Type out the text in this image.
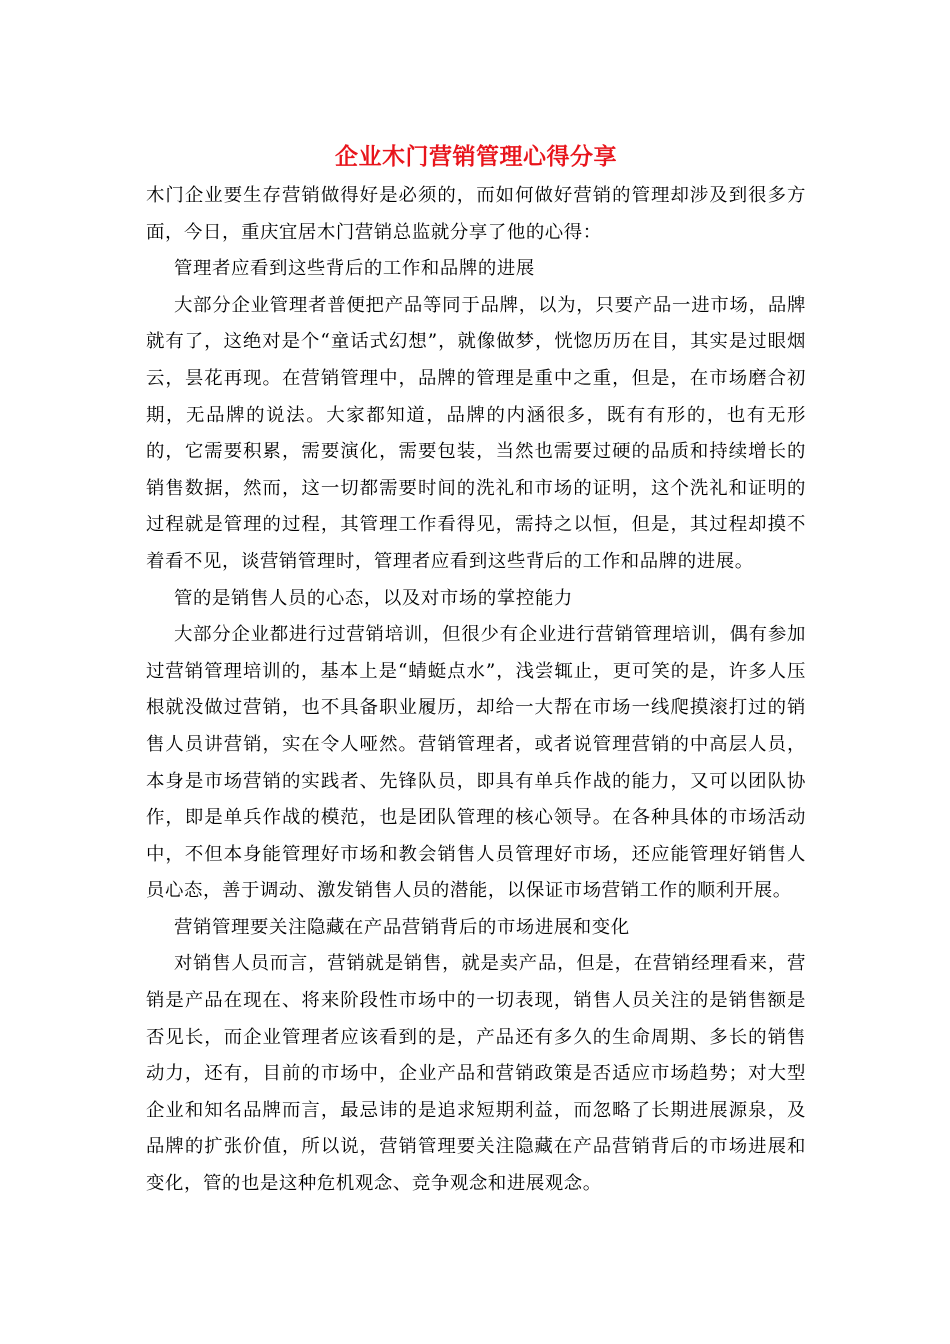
企业木门营销管理心得分享

木门企业要生存营销做得好是必须的，而如何做好营销的管理却涉及到很多方面，今日，重庆宜居木门营销总监就分享了他的心得：

管理者应看到这些背后的工作和品牌的进展

大部分企业管理者普便把产品等同于品牌，以为，只要产品一进市场，品牌就有了，这绝对是个“童话式幻想”，就像做梦，恍惚历历在目，其实是过眼烟云，昙花再现。在营销管理中，品牌的管理是重中之重，但是，在市场磨合初期，无品牌的说法。大家都知道，品牌的内涵很多，既有有形的，也有无形的，它需要积累，需要演化，需要包装，当然也需要过硬的品质和持续增长的销售数据，然而，这一切都需要时间的洗礼和市场的证明，这个洗礼和证明的过程就是管理的过程，其管理工作看得见，需持之以恒，但是，其过程却摸不着看不见，谈营销管理时，管理者应看到这些背后的工作和品牌的进展。

管的是销售人员的心态，以及对市场的掌控能力

大部分企业都进行过营销培训，但很少有企业进行营销管理培训，偶有参加过营销管理培训的，基本上是“蜻蜓点水”，浅尝辄止，更可笑的是，许多人压根就没做过营销，也不具备职业履历，却给一大帮在市场一线爬摸滚打过的销售人员讲营销，实在令人哑然。营销管理者，或者说管理营销的中高层人员，本身是市场营销的实践者、先锋队员，即具有单兵作战的能力，又可以团队协作，即是单兵作战的模范，也是团队管理的核心领导。在各种具体的市场活动中，不但本身能管理好市场和教会销售人员管理好市场，还应能管理好销售人员心态，善于调动、激发销售人员的潜能，以保证市场营销工作的顺利开展。

营销管理要关注隐藏在产品营销背后的市场进展和变化

对销售人员而言，营销就是销售，就是卖产品，但是，在营销经理看来，营销是产品在现在、将来阶段性市场中的一切表现，销售人员关注的是销售额是否见长，而企业管理者应该看到的是，产品还有多久的生命周期、多长的销售动力，还有，目前的市场中，企业产品和营销政策是否适应市场趋势；对大型企业和知名品牌而言，最忌讳的是追求短期利益，而忽略了长期进展源泉，及品牌的扩张价值，所以说，营销管理要关注隐藏在产品营销背后的市场进展和变化，管的也是这种危机观念、竞争观念和进展观念。
